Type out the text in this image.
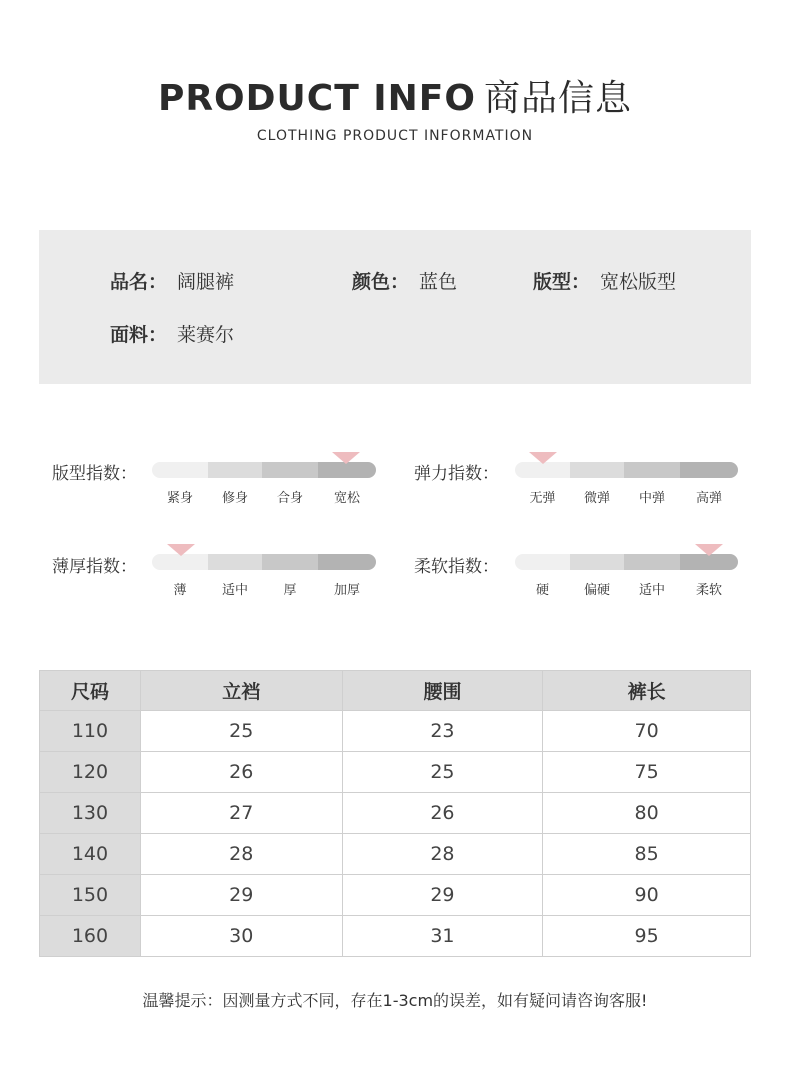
PRODUCT INFO 商品信息
CLOTHING PRODUCT INFORMATION
品名： 阔腿裤	颜色： 蓝色	版型： 宽松版型
面料： 莱赛尔
版型指数：
紧身	修身	合身	宽松
弹力指数：
无弹	微弹	中弹	高弹
薄厚指数：
薄	适中	厚	加厚
柔软指数：
硬	偏硬	适中	柔软
尺码	立裆	腰围	裤长
110	25	23	70
120	26	25	75
130	27	26	80
140	28	28	85
150	29	29	90
160	30	31	95
温馨提示：因测量方式不同，存在1-3cm的误差，如有疑问请咨询客服!
